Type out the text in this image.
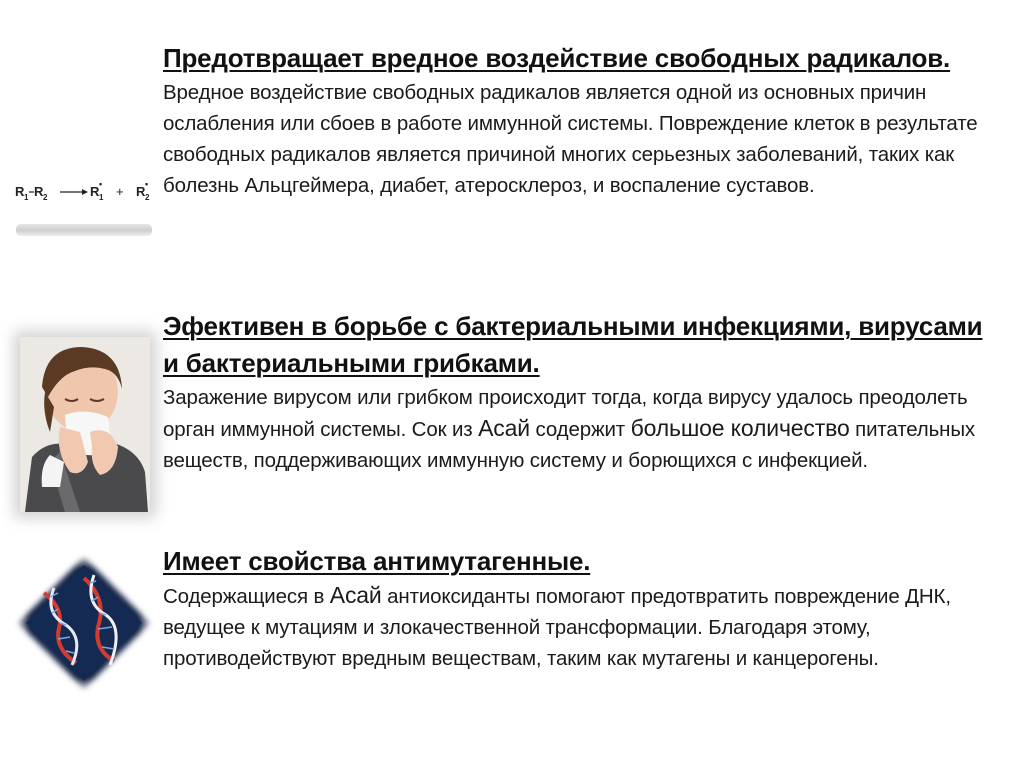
R 1 R 2	R 1
• + R 2
•

Предотвращает вредное воздействие свободных радикалов.

Вредное воздействие свободных радикалов является одной из основных причин ослабления или сбоев в работе иммунной системы. Повреждение клеток в результате свободных радикалов является причиной многих серьезных заболеваний, таких как болезнь Альцгеймера, диабет, атеросклероз, и воспаление суставов.

Эфективен в борьбе с бактериальными инфекциями, вирусами и бактериальными грибками.

Заражение вирусом или грибком происходит тогда, когда вирусу удалось преодолеть орган иммунной системы. Сок из Асай содержит большое количество питательных веществ, поддерживающих иммунную систему и борющихся с инфекцией.

Имеет свойства антимутагенные.

Содержащиеся в Асай антиоксиданты помогают предотвратить повреждение ДНК, ведущее к мутациям и злокачественной трансформации. Благодаря этому, противодействуют вредным веществам, таким как мутагены и канцерогены.
